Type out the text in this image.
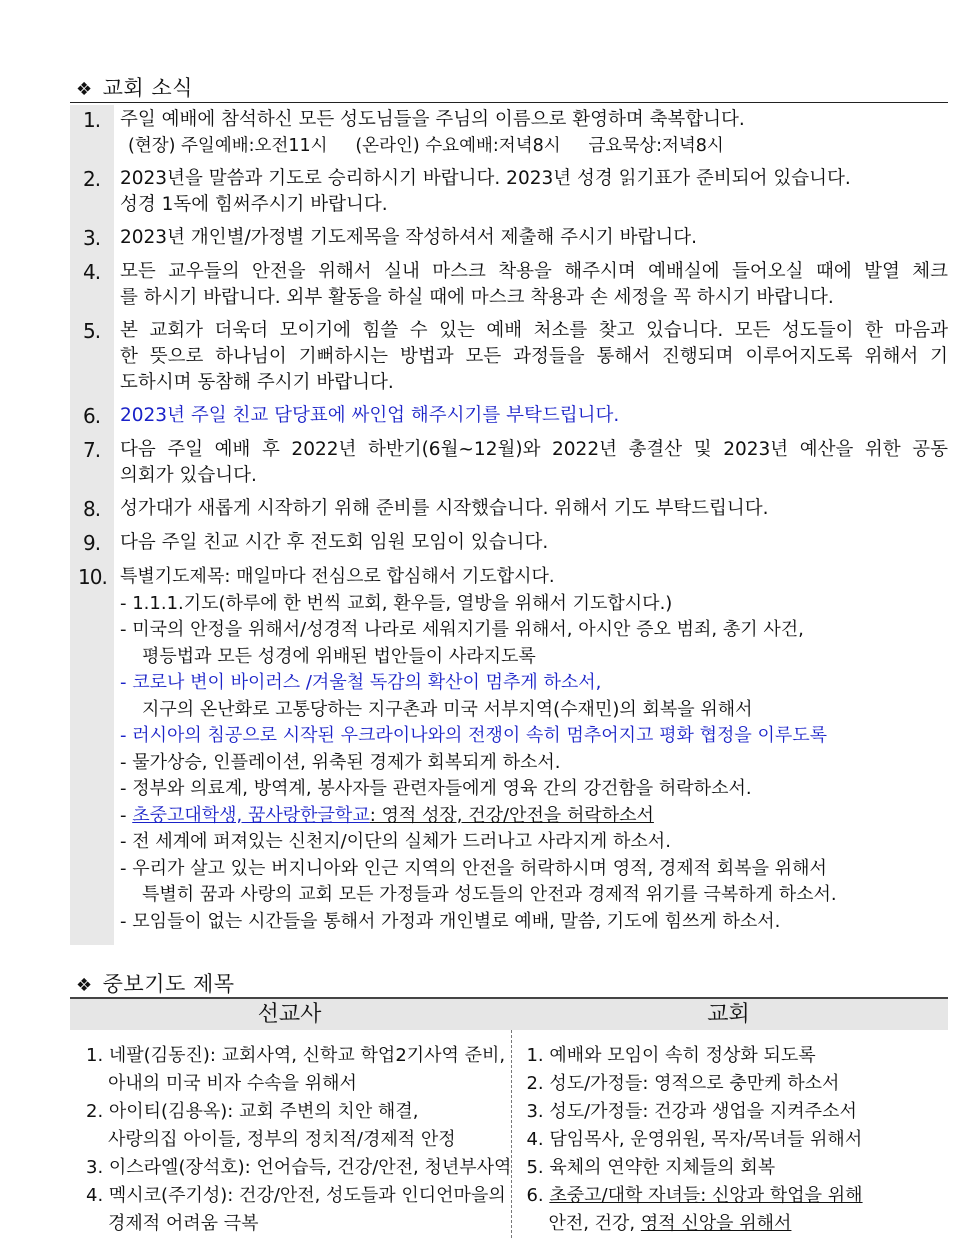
❖ 교회 소식
1.	주일 예배에 참석하신 모든 성도님들을 주님의 이름으로 환영하며 축복합니다.
(현장) 주일예배:오전11시     (온라인) 수요예배:저녁8시     금요묵상:저녁8시
2.	2023년을 말씀과 기도로 승리하시기 바랍니다. 2023년 성경 읽기표가 준비되어 있습니다.
성경 1독에 힘써주시기 바랍니다.
3.	2023년 개인별/가정별 기도제목을 작성하셔서 제출해 주시기 바랍니다.
4.	모든 교우들의 안전을 위해서 실내 마스크 착용을 해주시며 예배실에 들어오실 때에 발열 체크
를 하시기 바랍니다. 외부 활동을 하실 때에 마스크 착용과 손 세정을 꼭 하시기 바랍니다.
5.	본 교회가 더욱더 모이기에 힘쓸 수 있는 예배 처소를 찾고 있습니다. 모든 성도들이 한 마음과
한 뜻으로 하나님이 기뻐하시는 방법과 모든 과정들을 통해서 진행되며 이루어지도록 위해서 기
도하시며 동참해 주시기 바랍니다.
6.	2023년 주일 친교 담당표에 싸인업 해주시기를 부탁드립니다.
7.	다음 주일 예배 후 2022년 하반기(6월~12월)와 2022년 총결산 및 2023년 예산을 위한 공동
의회가 있습니다.
8.	성가대가 새롭게 시작하기 위해 준비를 시작했습니다. 위해서 기도 부탁드립니다.
9.	다음 주일 친교 시간 후 전도회 임원 모임이 있습니다.
10. 특별기도제목: 매일마다 전심으로 합심해서 기도합시다.
- 1.1.1.기도(하루에 한 번씩 교회, 환우들, 열방을 위해서 기도합시다.)
- 미국의 안정을 위해서/성경적 나라로 세워지기를 위해서, 아시안 증오 범죄, 총기 사건,
평등법과 모든 성경에 위배된 법안들이 사라지도록
- 코로나 변이 바이러스 /겨울철 독감의 확산이 멈추게 하소서,
지구의 온난화로 고통당하는 지구촌과 미국 서부지역(수재민)의 회복을 위해서
- 러시아의 침공으로 시작된 우크라이나와의 전쟁이 속히 멈추어지고 평화 협정을 이루도록
- 물가상승, 인플레이션, 위축된 경제가 회복되게 하소서.
- 정부와 의료계, 방역계, 봉사자들 관련자들에게 영육 간의 강건함을 허락하소서.
- 초중고대학생, 꿈사랑한글학교: 영적 성장, 건강/안전을 허락하소서
- 전 세계에 퍼져있는 신천지/이단의 실체가 드러나고 사라지게 하소서.
- 우리가 살고 있는 버지니아와 인근 지역의 안전을 허락하시며 영적, 경제적 회복을 위해서
특별히 꿈과 사랑의 교회 모든 가정들과 성도들의 안전과 경제적 위기를 극복하게 하소서.
- 모임들이 없는 시간들을 통해서 가정과 개인별로 예배, 말씀, 기도에 힘쓰게 하소서.
❖ 중보기도 제목
선교사	교회
1. 네팔(김동진): 교회사역, 신학교 학업2기사역 준비,
아내의 미국 비자 수속을 위해서
2. 아이티(김용옥): 교회 주변의 치안 해결,
사랑의집 아이들, 정부의 정치적/경제적 안정
3. 이스라엘(장석호): 언어습득, 건강/안전, 청년부사역
4. 멕시코(주기성): 건강/안전, 성도들과 인디언마을의
경제적 어려움 극복
1. 예배와 모임이 속히 정상화 되도록
2. 성도/가정들: 영적으로 충만케 하소서
3. 성도/가정들: 건강과 생업을 지켜주소서
4. 담임목사, 운영위원, 목자/목녀들 위해서
5. 육체의 연약한 지체들의 회복
6. 초중고/대학 자녀들: 신앙과 학업을 위해
안전, 건강, 영적 신앙을 위해서
